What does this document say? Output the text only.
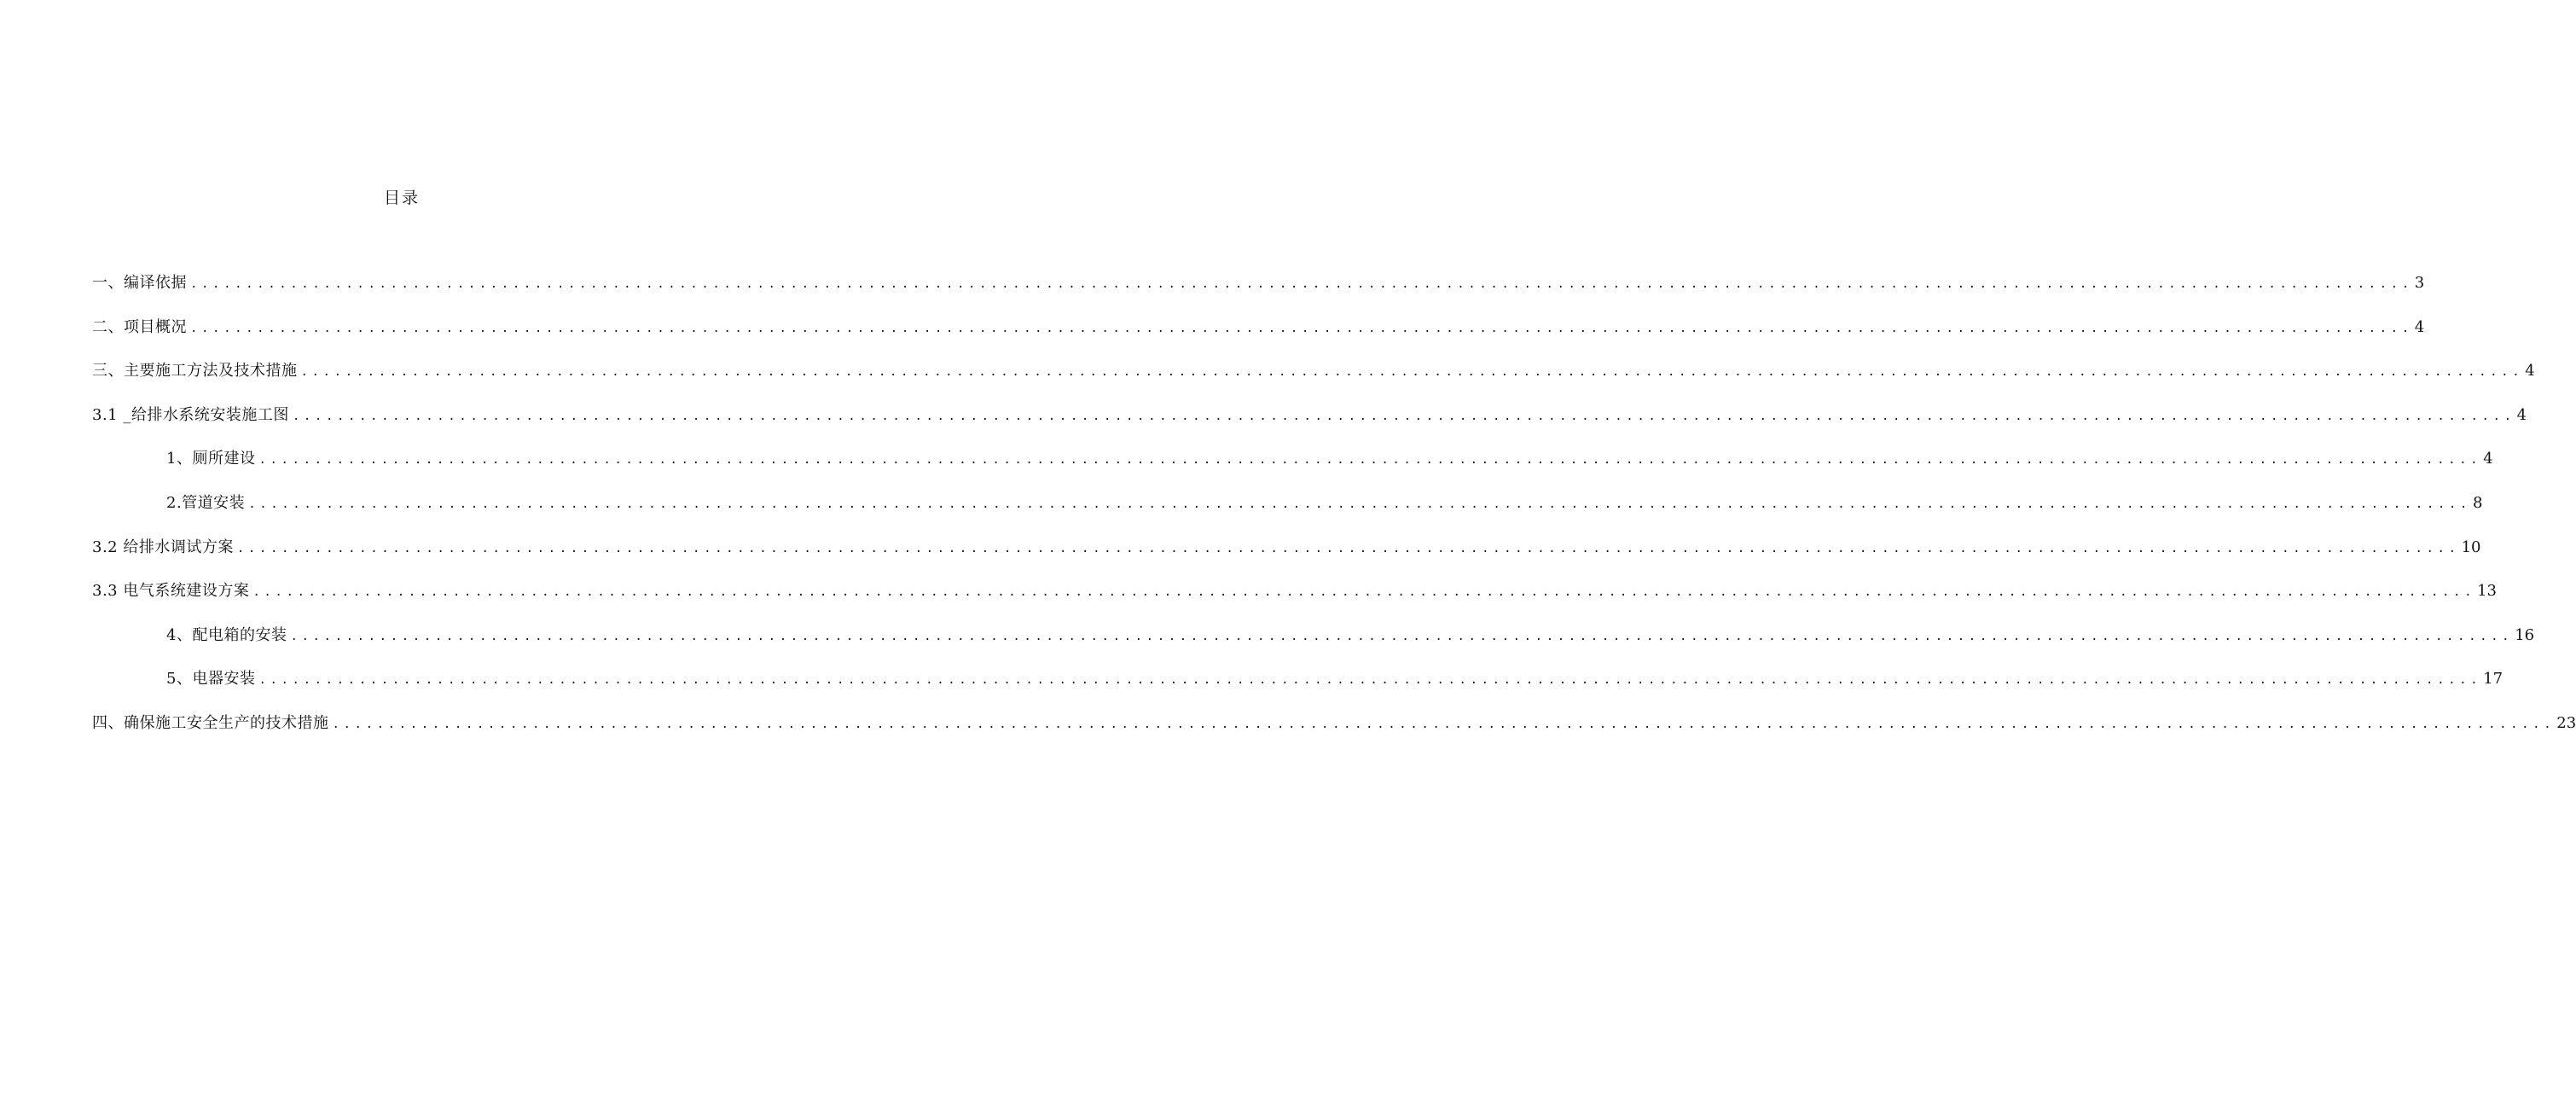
目录
一、编译依据 ........................................................................................................................................................................................................ 3
二、项目概况 ........................................................................................................................................................................................................ 4
三、主要施工方法及技术措施 ........................................................................................................................................................................................................ 4
3.1 _给排水系统安装施工图 ........................................................................................................................................................................................................ 4
1、厕所建设 ........................................................................................................................................................................................................ 4
2.管道安装 ........................................................................................................................................................................................................ 8
3.2 给排水调试方案 ........................................................................................................................................................................................................ 10
3.3 电气系统建设方案 ........................................................................................................................................................................................................ 13
4、配电箱的安装 ........................................................................................................................................................................................................ 16
5、电器安装 ........................................................................................................................................................................................................ 17
四、确保施工安全生产的技术措施 ........................................................................................................................................................................................................ 23
